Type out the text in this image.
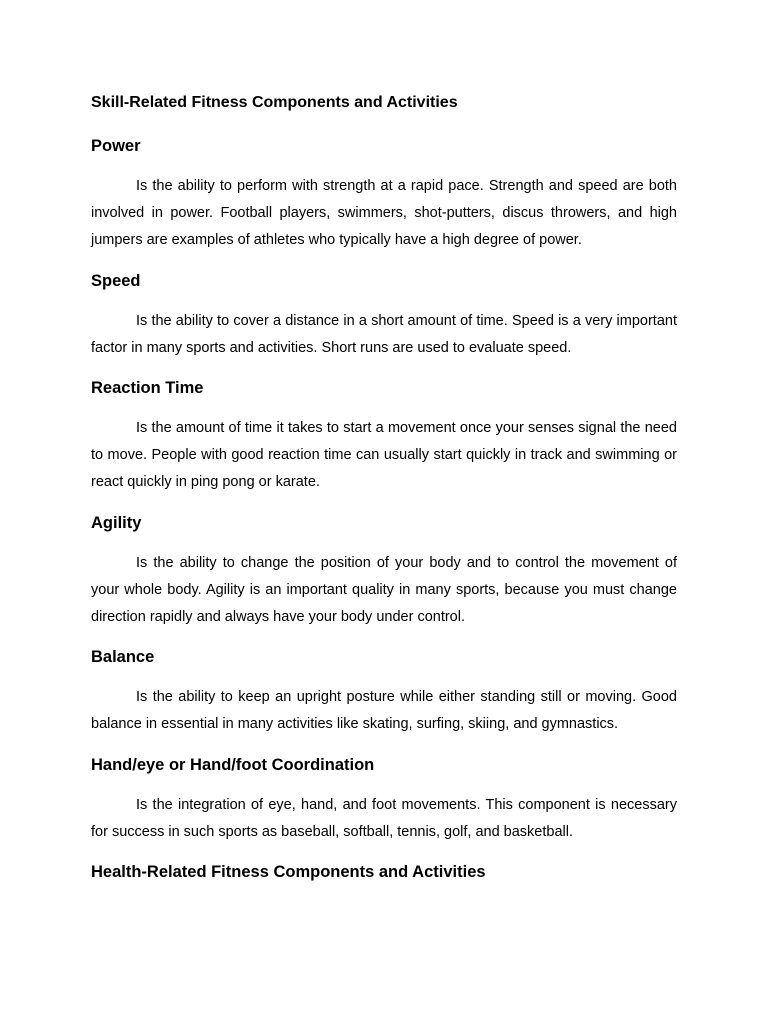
Skill-Related Fitness Components and Activities
Power

Is the ability to perform with strength at a rapid pace. Strength and speed are both involved in power. Football players, swimmers, shot-putters, discus throwers, and high jumpers are examples of athletes who typically have a high degree of power.

Speed

Is the ability to cover a distance in a short amount of time. Speed is a very important factor in many sports and activities. Short runs are used to evaluate speed.

Reaction Time

Is the amount of time it takes to start a movement once your senses signal the need to move. People with good reaction time can usually start quickly in track and swimming or react quickly in ping pong or karate.

Agility

Is the ability to change the position of your body and to control the movement of your whole body. Agility is an important quality in many sports, because you must change direction rapidly and always have your body under control.

Balance

Is the ability to keep an upright posture while either standing still or moving. Good balance in essential in many activities like skating, surfing, skiing, and gymnastics.

Hand/eye or Hand/foot Coordination

Is the integration of eye, hand, and foot movements. This component is necessary for success in such sports as baseball, softball, tennis, golf, and basketball.

Health-Related Fitness Components and Activities
